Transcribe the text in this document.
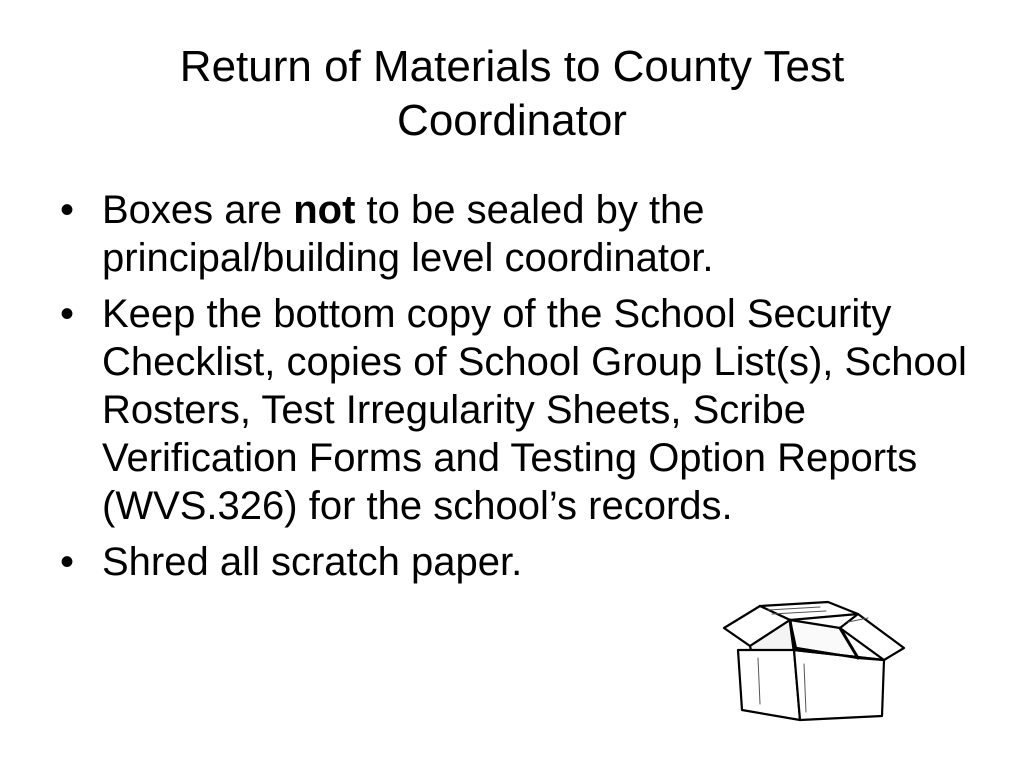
Return of Materials to County Test Coordinator
• Boxes are not to be sealed by the principal/building level coordinator.
• Keep the bottom copy of the School Security Checklist, copies of School Group List(s), School Rosters, Test Irregularity Sheets, Scribe Verification Forms and Testing Option Reports (WVS.326) for the school’s records.
• Shred all scratch paper.
